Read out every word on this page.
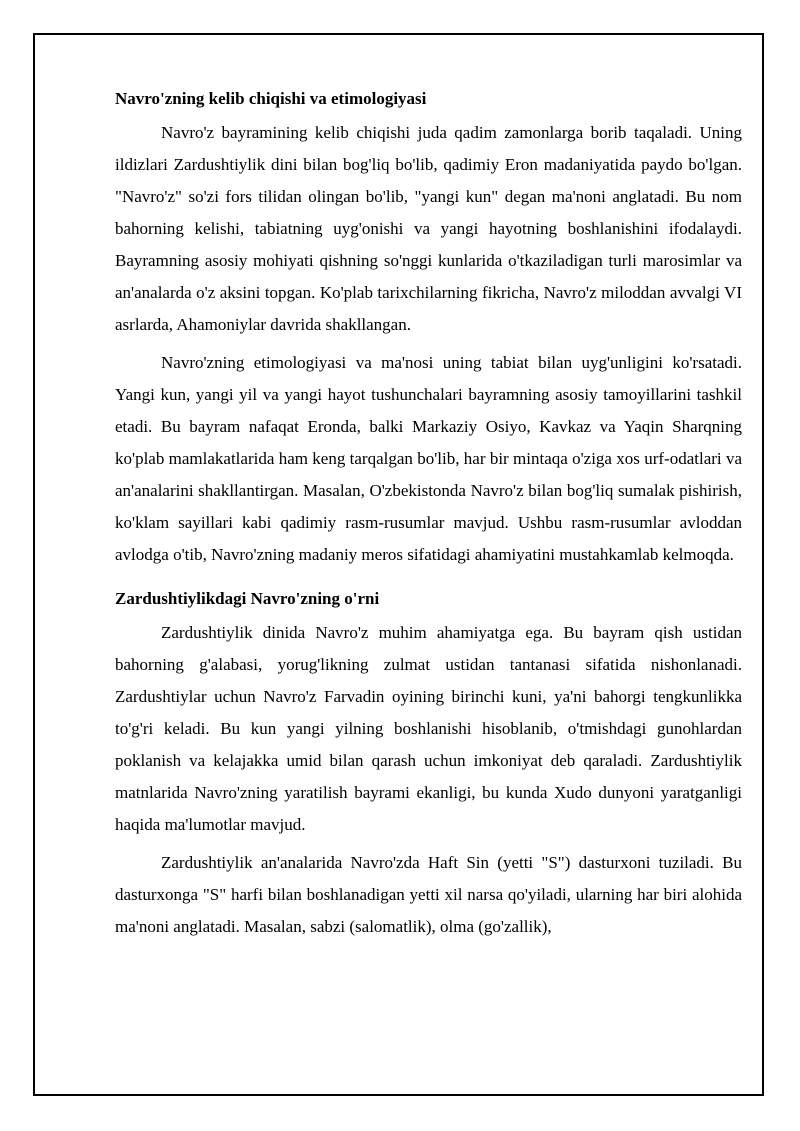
Navro'zning kelib chiqishi va etimologiyasi

Navro'z bayramining kelib chiqishi juda qadim zamonlarga borib taqaladi. Uning ildizlari Zardushtiylik dini bilan bog'liq bo'lib, qadimiy Eron madaniyatida paydo bo'lgan. "Navro'z" so'zi fors tilidan olingan bo'lib, "yangi kun" degan ma'noni anglatadi. Bu nom bahorning kelishi, tabiatning uyg'onishi va yangi hayotning boshlanishini ifodalaydi. Bayramning asosiy mohiyati qishning so'nggi kunlarida o'tkaziladigan turli marosimlar va an'analarda o'z aksini topgan. Ko'plab tarixchilarning fikricha, Navro'z miloddan avvalgi VI asrlarda, Ahamoniylar davrida shakllangan.

Navro'zning etimologiyasi va ma'nosi uning tabiat bilan uyg'unligini ko'rsatadi. Yangi kun, yangi yil va yangi hayot tushunchalari bayramning asosiy tamoyillarini tashkil etadi. Bu bayram nafaqat Eronda, balki Markaziy Osiyo, Kavkaz va Yaqin Sharqning ko'plab mamlakatlarida ham keng tarqalgan bo'lib, har bir mintaqa o'ziga xos urf-odatlari va an'analarini shakllantirgan. Masalan, O'zbekistonda Navro'z bilan bog'liq sumalak pishirish, ko'klam sayillari kabi qadimiy rasm-rusumlar mavjud. Ushbu rasm-rusumlar avloddan avlodga o'tib, Navro'zning madaniy meros sifatidagi ahamiyatini mustahkamlab kelmoqda.

Zardushtiylikdagi Navro'zning o'rni

Zardushtiylik dinida Navro'z muhim ahamiyatga ega. Bu bayram qish ustidan bahorning g'alabasi, yorug'likning zulmat ustidan tantanasi sifatida nishonlanadi. Zardushtiylar uchun Navro'z Farvadin oyining birinchi kuni, ya'ni bahorgi tengkunlikka to'g'ri keladi. Bu kun yangi yilning boshlanishi hisoblanib, o'tmishdagi gunohlardan poklanish va kelajakka umid bilan qarash uchun imkoniyat deb qaraladi. Zardushtiylik matnlarida Navro'zning yaratilish bayrami ekanligi, bu kunda Xudo dunyoni yaratganligi haqida ma'lumotlar mavjud.

Zardushtiylik an'analarida Navro'zda Haft Sin (yetti "S") dasturxoni tuziladi. Bu dasturxonga "S" harfi bilan boshlanadigan yetti xil narsa qo'yiladi, ularning har biri alohida ma'noni anglatadi. Masalan, sabzi (salomatlik), olma (go'zallik),
